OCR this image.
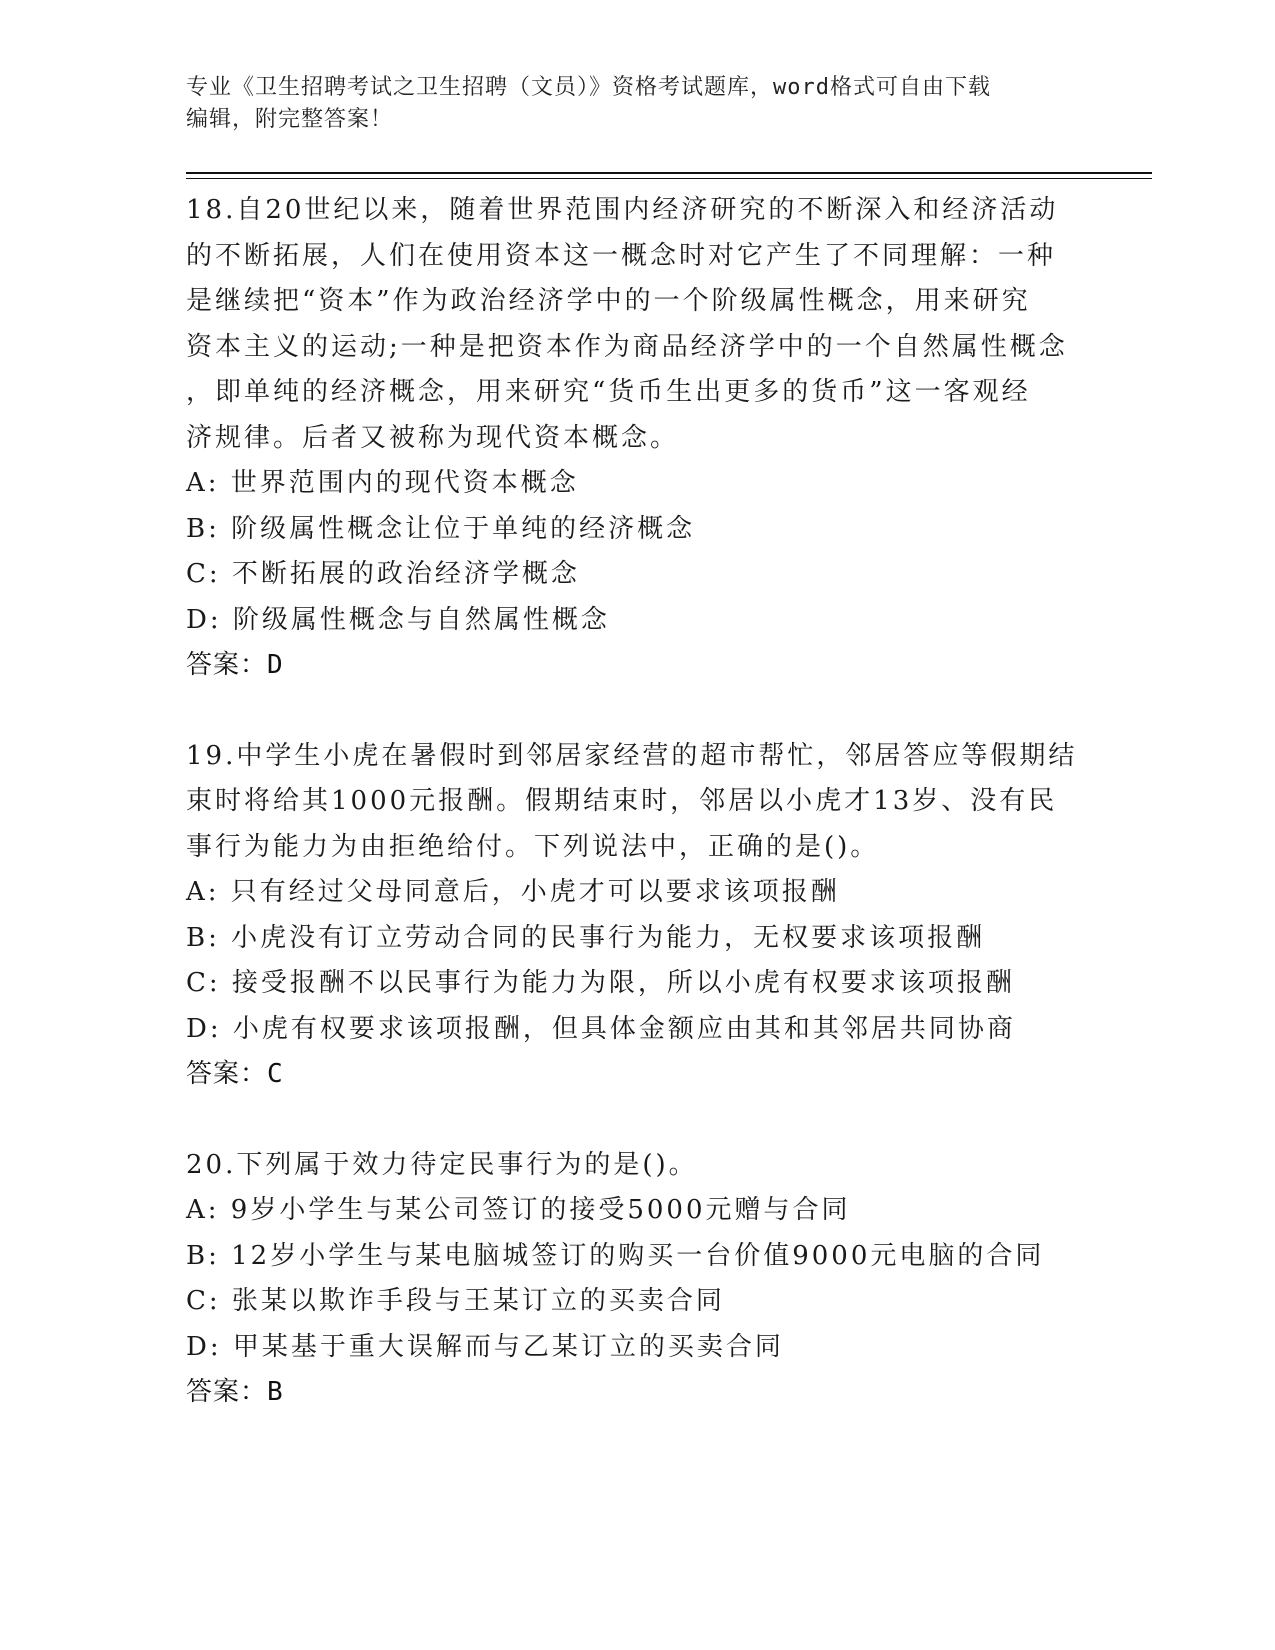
专业《卫生招聘考试之卫生招聘（文员）》资格考试题库，word格式可自由下载
编辑，附完整答案！
18.自20世纪以来，随着世界范围内经济研究的不断深入和经济活动
的不断拓展，人们在使用资本这一概念时对它产生了不同理解：一种
是继续把“资本”作为政治经济学中的一个阶级属性概念，用来研究
资本主义的运动;一种是把资本作为商品经济学中的一个自然属性概念
，即单纯的经济概念，用来研究“货币生出更多的货币”这一客观经
济规律。后者又被称为现代资本概念。
A: 世界范围内的现代资本概念
B: 阶级属性概念让位于单纯的经济概念
C: 不断拓展的政治经济学概念
D: 阶级属性概念与自然属性概念
答案：D
19.中学生小虎在暑假时到邻居家经营的超市帮忙，邻居答应等假期结
束时将给其1000元报酬。假期结束时，邻居以小虎才13岁、没有民
事行为能力为由拒绝给付。下列说法中，正确的是()。
A: 只有经过父母同意后，小虎才可以要求该项报酬
B: 小虎没有订立劳动合同的民事行为能力，无权要求该项报酬
C: 接受报酬不以民事行为能力为限，所以小虎有权要求该项报酬
D: 小虎有权要求该项报酬，但具体金额应由其和其邻居共同协商
答案：C
20.下列属于效力待定民事行为的是()。
A: 9岁小学生与某公司签订的接受5000元赠与合同
B: 12岁小学生与某电脑城签订的购买一台价值9000元电脑的合同
C: 张某以欺诈手段与王某订立的买卖合同
D: 甲某基于重大误解而与乙某订立的买卖合同
答案：B
